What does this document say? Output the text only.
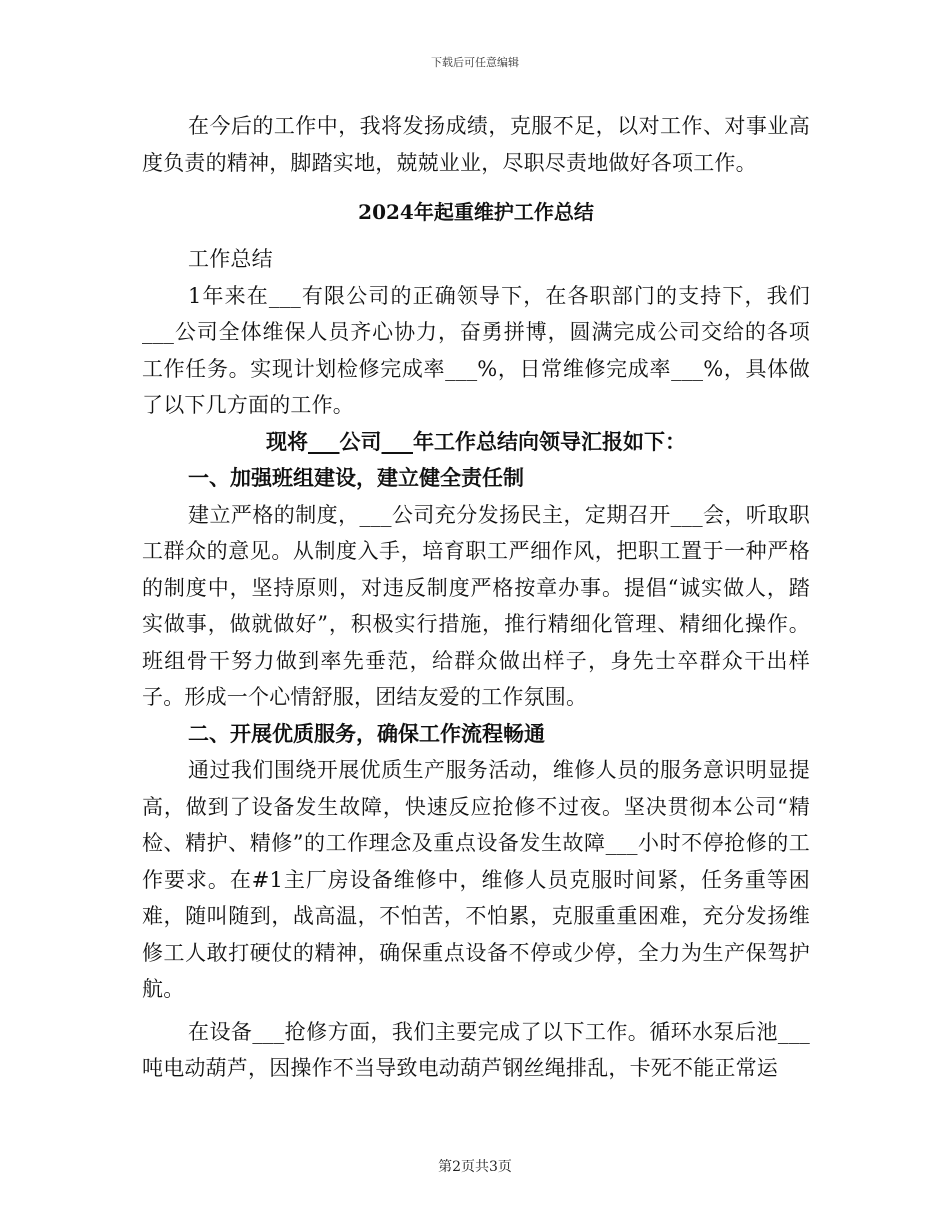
下载后可任意编辑

在今后的工作中，我将发扬成绩，克服不足，以对工作、对事业高度负责的精神，脚踏实地，兢兢业业，尽职尽责地做好各项工作。

2024年起重维护工作总结

工作总结

1年来在___有限公司的正确领导下，在各职部门的支持下，我们___公司全体维保人员齐心协力，奋勇拼博，圆满完成公司交给的各项工作任务。实现计划检修完成率___%，日常维修完成率___%，具体做了以下几方面的工作。

现将___公司___年工作总结向领导汇报如下：

一、加强班组建设，建立健全责任制

建立严格的制度，___公司充分发扬民主，定期召开___会，听取职工群众的意见。从制度入手，培育职工严细作风，把职工置于一种严格的制度中，坚持原则，对违反制度严格按章办事。提倡“诚实做人，踏实做事，做就做好”，积极实行措施，推行精细化管理、精细化操作。班组骨干努力做到率先垂范，给群众做出样子，身先士卒群众干出样子。形成一个心情舒服，团结友爱的工作氛围。

二、开展优质服务，确保工作流程畅通

通过我们围绕开展优质生产服务活动，维修人员的服务意识明显提高，做到了设备发生故障，快速反应抢修不过夜。坚决贯彻本公司“精检、精护、精修”的工作理念及重点设备发生故障___小时不停抢修的工作要求。在#1主厂房设备维修中，维修人员克服时间紧，任务重等困难，随叫随到，战高温，不怕苦，不怕累，克服重重困难，充分发扬维修工人敢打硬仗的精神，确保重点设备不停或少停，全力为生产保驾护航。

在设备___抢修方面，我们主要完成了以下工作。循环水泵后池___吨电动葫芦，因操作不当导致电动葫芦钢丝绳排乱，卡死不能正常运

第2页共3页
